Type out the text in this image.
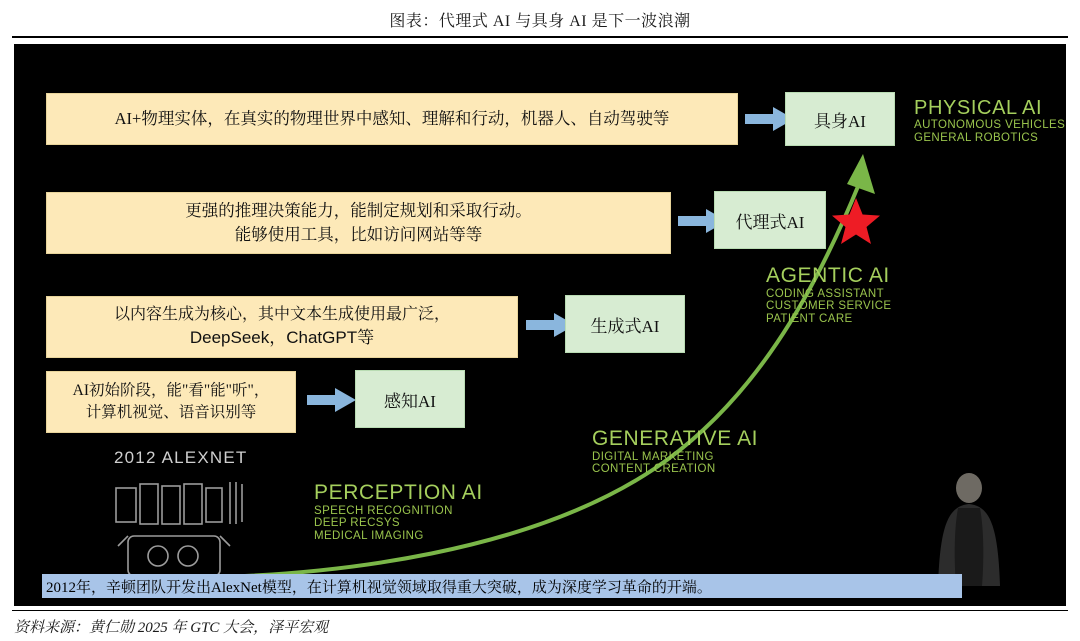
图表：代理式 AI 与具身 AI 是下一波浪潮
2012 ALEXNET
PERCEPTION AI
SPEECH RECOGNITION
DEEP RECSYS
MEDICAL IMAGING
GENERATIVE AI
DIGITAL MARKETING
CONTENT CREATION
AGENTIC AI
CODING ASSISTANT
CUSTOMER SERVICE
PATIENT CARE
PHYSICAL AI
AUTONOMOUS VEHICLES
GENERAL ROBOTICS
AI+物理实体，在真实的物理世界中感知、理解和行动，机器人、自动驾驶等
更强的推理决策能力，能制定规划和采取行动。
能够使用工具，比如访问网站等等
以内容生成为核心，其中文本生成使用最广泛，
DeepSeek，ChatGPT等
AI初始阶段，能"看"能"听"，
计算机视觉、语音识别等
具身AI
代理式AI
生成式AI
感知AI
2012年，辛顿团队开发出AlexNet模型，在计算机视觉领域取得重大突破，成为深度学习革命的开端。
资料来源：黄仁勋 2025 年 GTC 大会，泽平宏观
